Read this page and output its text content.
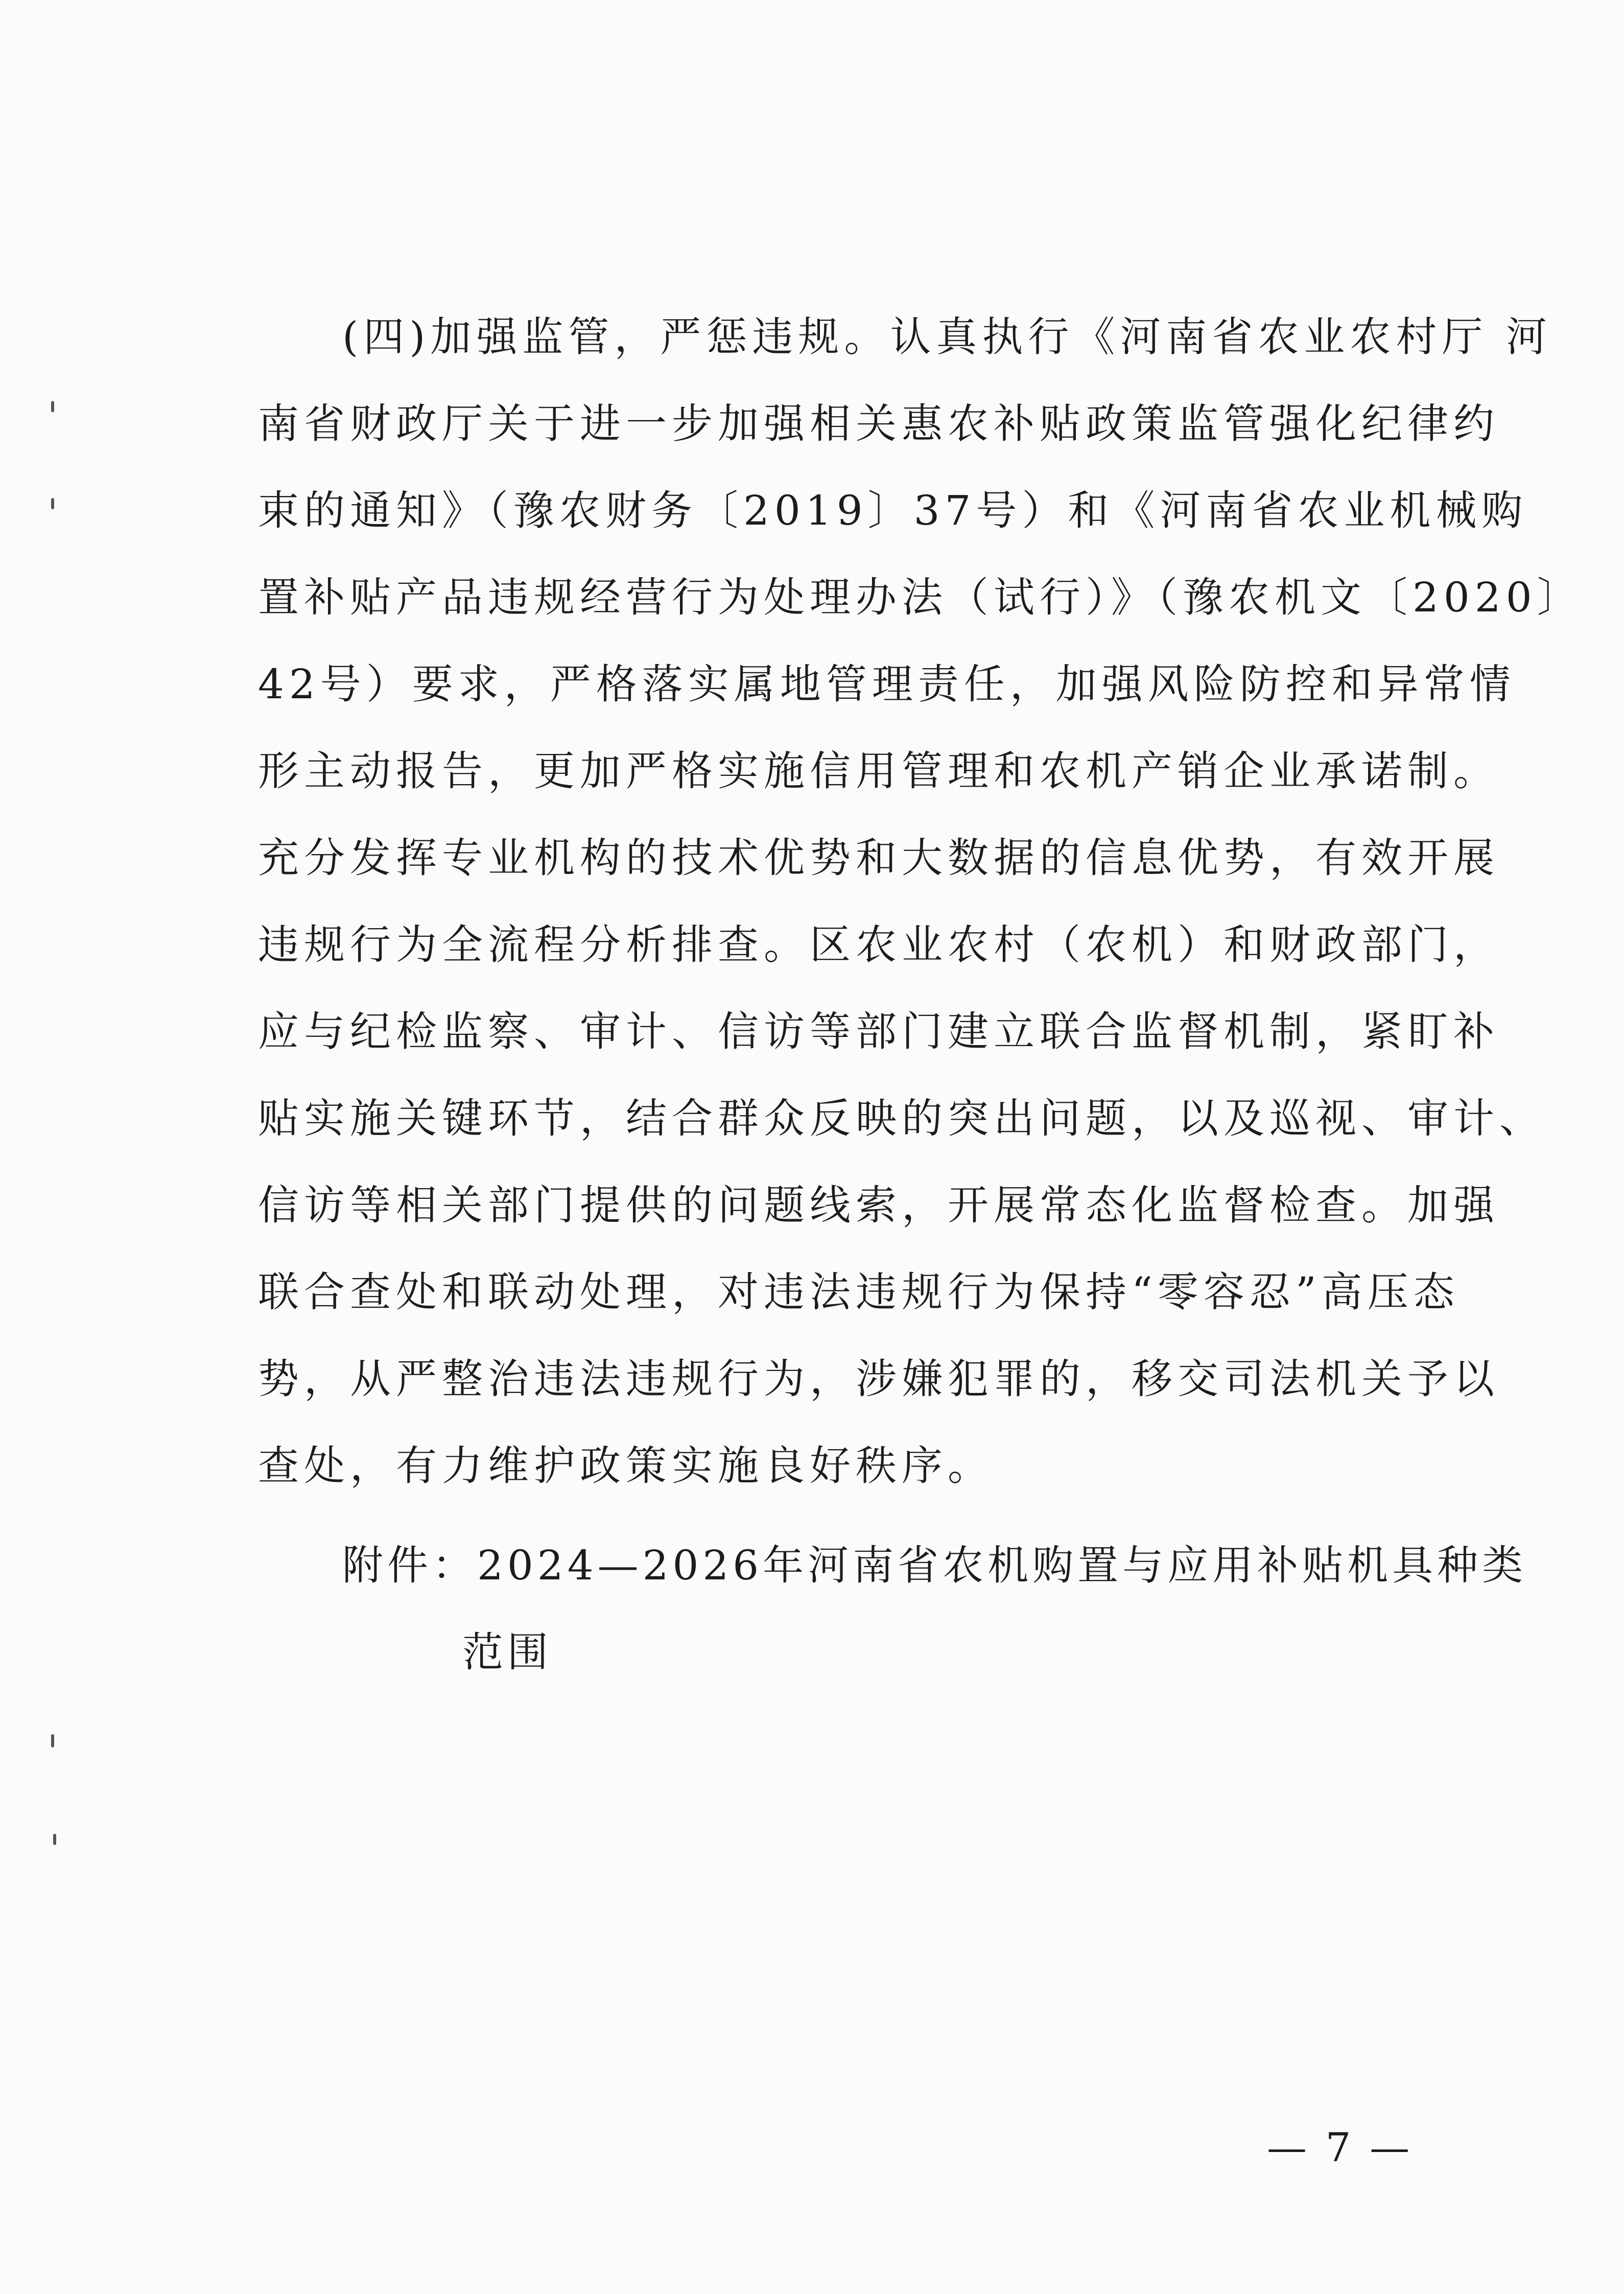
(四)加强监管，严惩违规。认真执行《河南省农业农村厅 河
南省财政厅关于进一步加强相关惠农补贴政策监管强化纪律约
束的通知》（豫农财务〔2019〕37号）和《河南省农业机械购
置补贴产品违规经营行为处理办法（试行）》（豫农机文〔2020〕
42号）要求，严格落实属地管理责任，加强风险防控和异常情
形主动报告，更加严格实施信用管理和农机产销企业承诺制。
充分发挥专业机构的技术优势和大数据的信息优势，有效开展
违规行为全流程分析排查。区农业农村（农机）和财政部门，
应与纪检监察、审计、信访等部门建立联合监督机制，紧盯补
贴实施关键环节，结合群众反映的突出问题，以及巡视、审计、
信访等相关部门提供的问题线索，开展常态化监督检查。加强
联合查处和联动处理，对违法违规行为保持“零容忍”高压态
势，从严整治违法违规行为，涉嫌犯罪的，移交司法机关予以
查处，有力维护政策实施良好秩序。
附件：2024—2026年河南省农机购置与应用补贴机具种类
范围
— 7 —
